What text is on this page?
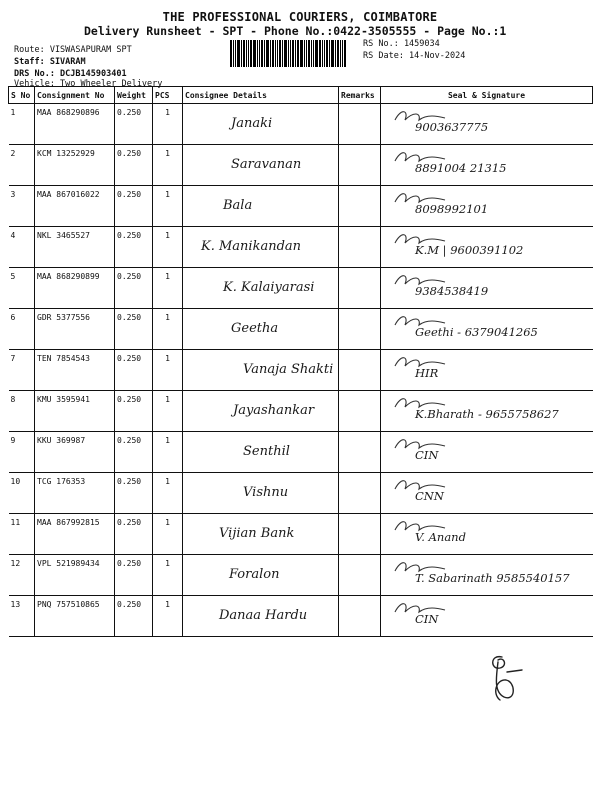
THE PROFESSIONAL COURIERS, COIMBATORE
Delivery Runsheet - SPT - Phone No.:0422-3505555 - Page No.:1
Route: VISWASAPURAM SPT
Staff: SIVARAM
DRS No.: DCJB145903401
Vehicle: Two Wheeler Delivery
RS No.: 1459034
RS Date: 14-Nov-2024
S No	Consignment No	Weight	PCS	Consignee Details	Remarks	Seal & Signature
1	MAA 868290896	0.250	1	Janaki		9003637775

2	KCM 13252929	0.250	1	Saravanan		8891004 21315

3	MAA 867016022	0.250	1	Bala		8098992101

4	NKL 3465527	0.250	1	K. Manikandan		K.M | 9600391102

5	MAA 868290899	0.250	1	K. Kalaiyarasi		9384538419

6	GDR 5377556	0.250	1	Geetha		Geethi - 6379041265

7	TEN 7854543	0.250	1	Vanaja Shakti		HIR

8	KMU 3595941	0.250	1	Jayashankar		K.Bharath - 9655758627

9	KKU 369987	0.250	1	Senthil		CIN

10	TCG 176353	0.250	1	Vishnu		CNN

11	MAA 867992815	0.250	1	Vijian Bank		V. Anand

12	VPL 521989434	0.250	1	Foralon		T. Sabarinath 9585540157

13	PNQ 757510865	0.250	1	Danaa Hardu		CIN
